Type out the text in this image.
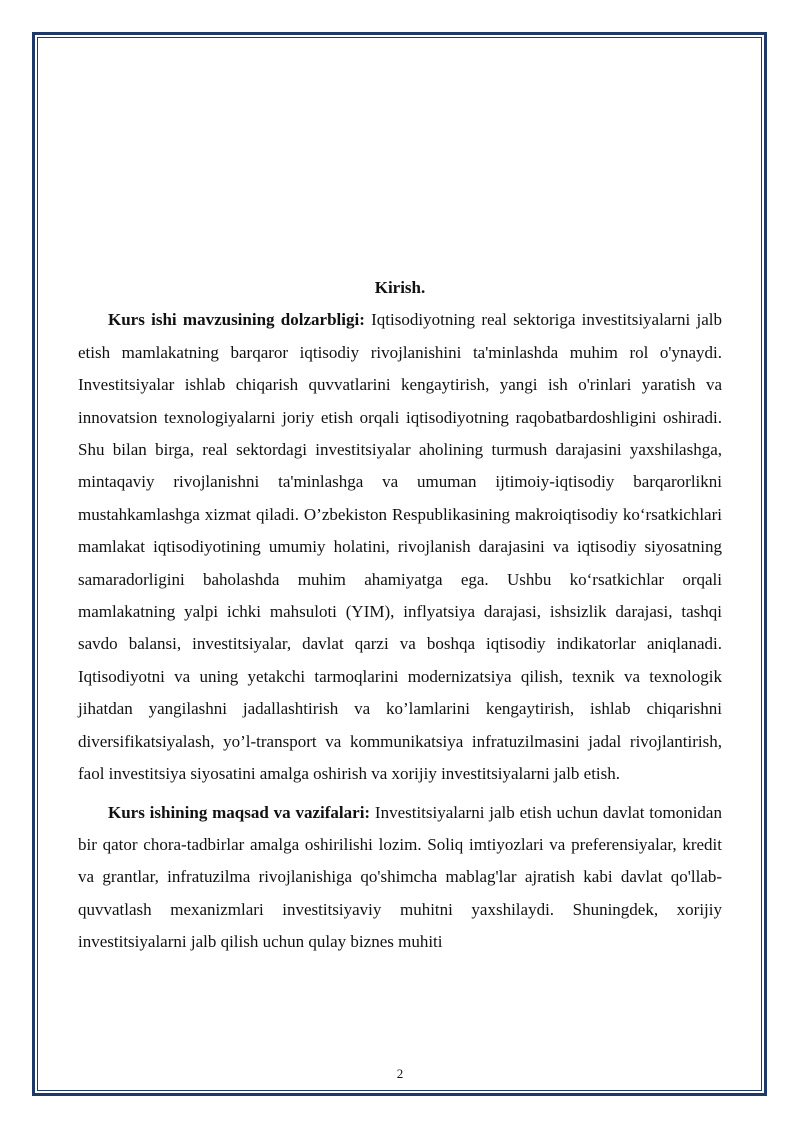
Kirish.

Kurs ishi mavzusining dolzarbligi: Iqtisodiyotning real sektoriga investitsiyalarni jalb etish mamlakatning barqaror iqtisodiy rivojlanishini ta'minlashda muhim rol o'ynaydi. Investitsiyalar ishlab chiqarish quvvatlarini kengaytirish, yangi ish o'rinlari yaratish va innovatsion texnologiyalarni joriy etish orqali iqtisodiyotning raqobatbardoshligini oshiradi. Shu bilan birga, real sektordagi investitsiyalar aholining turmush darajasini yaxshilashga, mintaqaviy rivojlanishni ta'minlashga va umuman ijtimoiy-iqtisodiy barqarorlikni mustahkamlashga xizmat qiladi. O’zbekiston Respublikasining makroiqtisodiy ko‘rsatkichlari mamlakat iqtisodiyotining umumiy holatini, rivojlanish darajasini va iqtisodiy siyosatning samaradorligini baholashda muhim ahamiyatga ega. Ushbu ko‘rsatkichlar orqali mamlakatning yalpi ichki mahsuloti (YIM), inflyatsiya darajasi, ishsizlik darajasi, tashqi savdo balansi, investitsiyalar, davlat qarzi va boshqa iqtisodiy indikatorlar aniqlanadi. Iqtisodiyotni va uning yetakchi tarmoqlarini modernizatsiya qilish, texnik va texnologik jihatdan yangilashni jadallashtirish va ko’lamlarini kengaytirish, ishlab chiqarishni diversifikatsiyalash, yo’l-transport va kommunikatsiya infratuzilmasini jadal rivojlantirish, faol investitsiya siyosatini amalga oshirish va xorijiy investitsiyalarni jalb etish.

Kurs ishining maqsad va vazifalari: Investitsiyalarni jalb etish uchun davlat tomonidan bir qator chora-tadbirlar amalga oshirilishi lozim. Soliq imtiyozlari va preferensiyalar, kredit va grantlar, infratuzilma rivojlanishiga qo'shimcha mablag'lar ajratish kabi davlat qo'llab-quvvatlash mexanizmlari investitsiyaviy muhitni yaxshilaydi. Shuningdek, xorijiy investitsiyalarni jalb qilish uchun qulay biznes muhiti

2
